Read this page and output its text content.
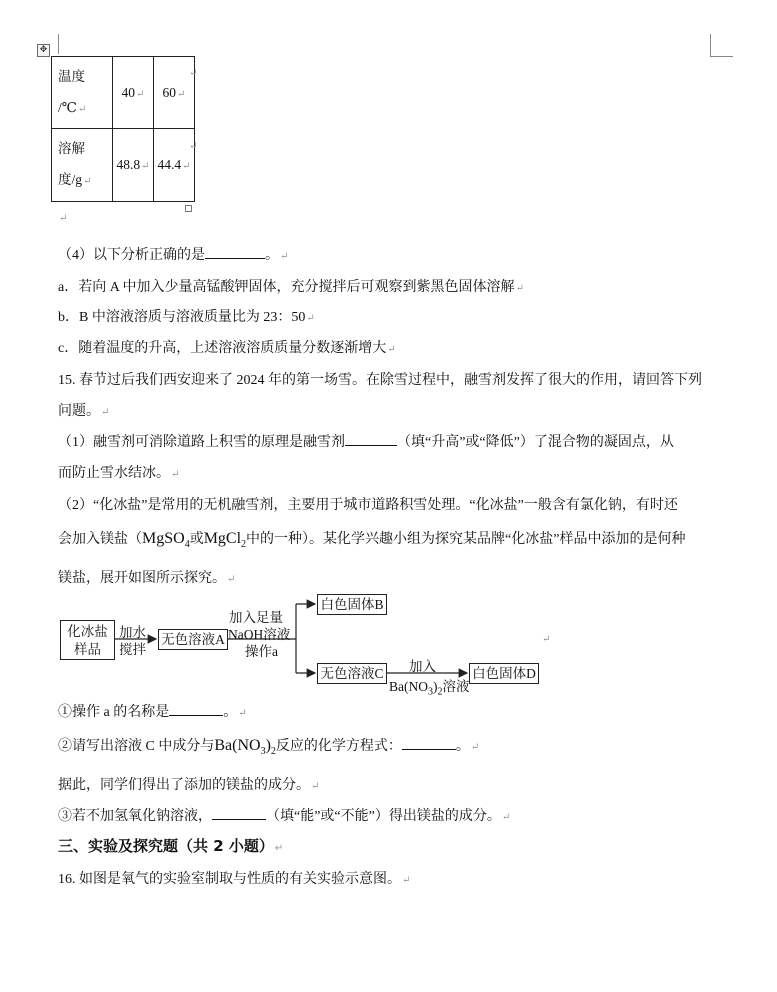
✥
温度
/℃↵	40↵	60↵

溶解
度/g↵	48.8↵	44.4↵
↵
↵
↵
（4）以下分析正确的是	。↵
a．若向 A 中加入少量高锰酸钾固体，充分搅拌后可观察到紫黑色固体溶解↵
b．B 中溶液溶质与溶液质量比为 23：50↵
c．随着温度的升高，上述溶液溶质质量分数逐渐增大↵
15. 春节过后我们西安迎来了 2024 年的第一场雪。在除雪过程中，融雪剂发挥了很大的作用，请回答下列
问题。↵
（1）融雪剂可消除道路上积雪的原理是融雪剂	（填“升高”或“降低”）了混合物的凝固点，从
而防止雪水结冰。↵
（2）“化冰盐”是常用的无机融雪剂，主要用于城市道路积雪处理。“化冰盐”一般含有氯化钠，有时还
会加入镁盐（MgSO$_4$或MgCl$_2$中的一种）。某化学兴趣小组为探究某品牌“化冰盐”样品中添加的是何种
镁盐，展开如图所示探究。↵
化冰盐
样品
加水
搅拌
无色溶液A
加入足量
NaOH溶液
操作a
白色固体B
无色溶液C 加入
$Ba(NO_3)_2$溶液
白色固体D
↵
①操作 a 的名称是	。↵
②请写出溶液 C 中成分与$Ba(NO_3)_2$反应的化学方程式：	。↵
据此，同学们得出了添加的镁盐的成分。↵
③若不加氢氧化钠溶液，	（填“能”或“不能”）得出镁盐的成分。↵
三、实验及探究题（共 2 小题）↵
16. 如图是氧气的实验室制取与性质的有关实验示意图。↵
